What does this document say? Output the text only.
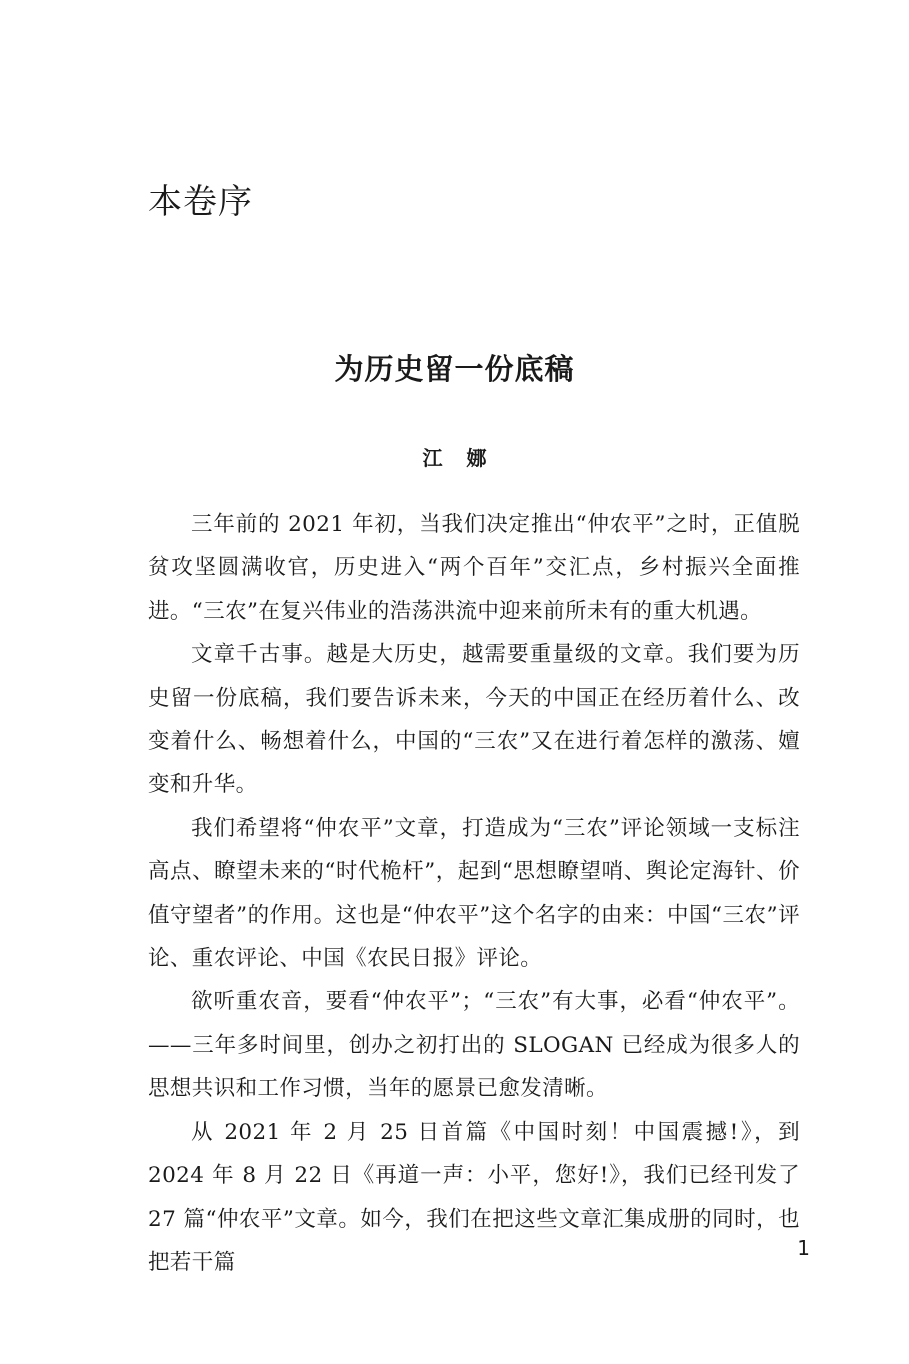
本卷序
为历史留一份底稿
江 娜

三年前的 2021 年初，当我们决定推出“仲农平”之时，正值脱贫攻坚圆满收官，历史进入“两个百年”交汇点，乡村振兴全面推进。“三农”在复兴伟业的浩荡洪流中迎来前所未有的重大机遇。

文章千古事。越是大历史，越需要重量级的文章。我们要为历史留一份底稿，我们要告诉未来，今天的中国正在经历着什么、改变着什么、畅想着什么，中国的“三农”又在进行着怎样的激荡、嬗变和升华。

我们希望将“仲农平”文章，打造成为“三农”评论领域一支标注高点、瞭望未来的“时代桅杆”，起到“思想瞭望哨、舆论定海针、价值守望者”的作用。这也是“仲农平”这个名字的由来：中国“三农”评论、重农评论、中国《农民日报》评论。

欲听重农音，要看“仲农平”；“三农”有大事，必看“仲农平”。——三年多时间里，创办之初打出的 SLOGAN 已经成为很多人的思想共识和工作习惯，当年的愿景已愈发清晰。

从 2021 年 2 月 25 日首篇《中国时刻！中国震撼!》，到 2024 年 8 月 22 日《再道一声：小平，您好!》，我们已经刊发了 27 篇“仲农平”文章。如今，我们在把这些文章汇集成册的同时，也把若干篇

1
